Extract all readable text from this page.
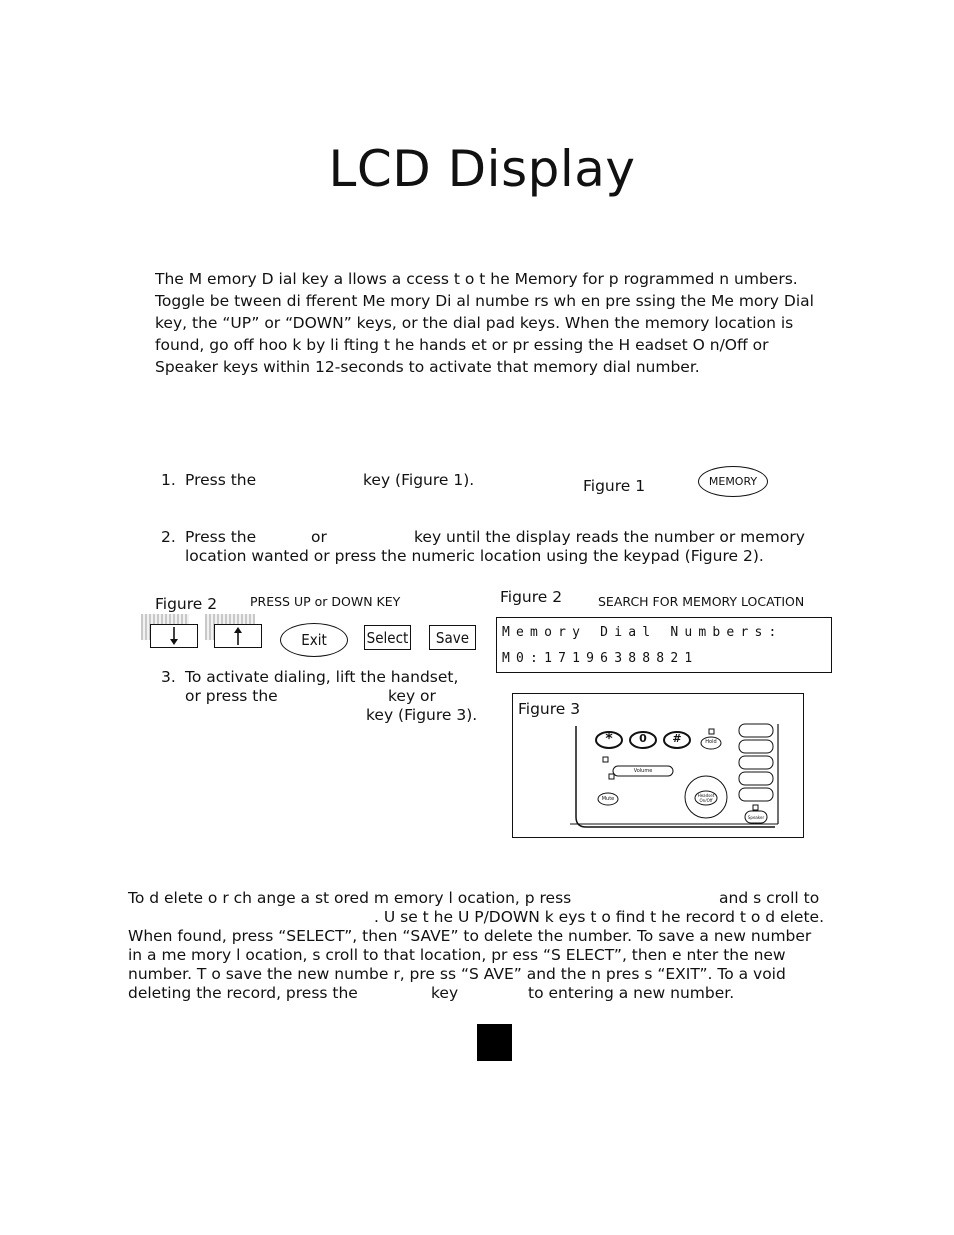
LCD Display
The M emory D ial key a llows a ccess t o t he Memory for p rogrammed n umbers. Toggle be tween di fferent Me mory Di al numbe rs wh en pre ssing the Me mory Dial key, the “UP” or “DOWN” keys, or the dial pad keys. When the memory location is found, go off hoo k by li fting t he hands et or pr essing the H eadset O n/Off or Speaker keys within 12-seconds to activate that memory dial number.
1. Press the	key (Figure 1).	Figure 1	MEMORY
2. Press the	or	key until the display reads the number or memory
location wanted or press the numeric location using the keypad (Figure 2).
Figure 2	PRESS UP or DOWN KEY
Exit	Select	Save
Figure 2	SEARCH FOR MEMORY LOCATION
Memory Dial Numbers:
M0:17196388821
3. To activate dialing, lift the handset,
or press the	key or
key (Figure 3).	Figure 3
*	0	#	Hold
Volume
Mute
Headset On/Off
Speaker
To d elete o r ch ange a st ored m emory l ocation, p ress	and s croll to
. U se t he U P/DOWN k eys t o find t he record t o d elete.
When found, press “SELECT”, then “SAVE” to delete the number. To save a new number
in a me mory l ocation, s croll to that location, pr ess “S ELECT”, then e nter the new
number. T o save the new numbe r, pre ss “S AVE” and the n pres s “EXIT”. To a void
deleting the record, press the	key	to entering a new number.
